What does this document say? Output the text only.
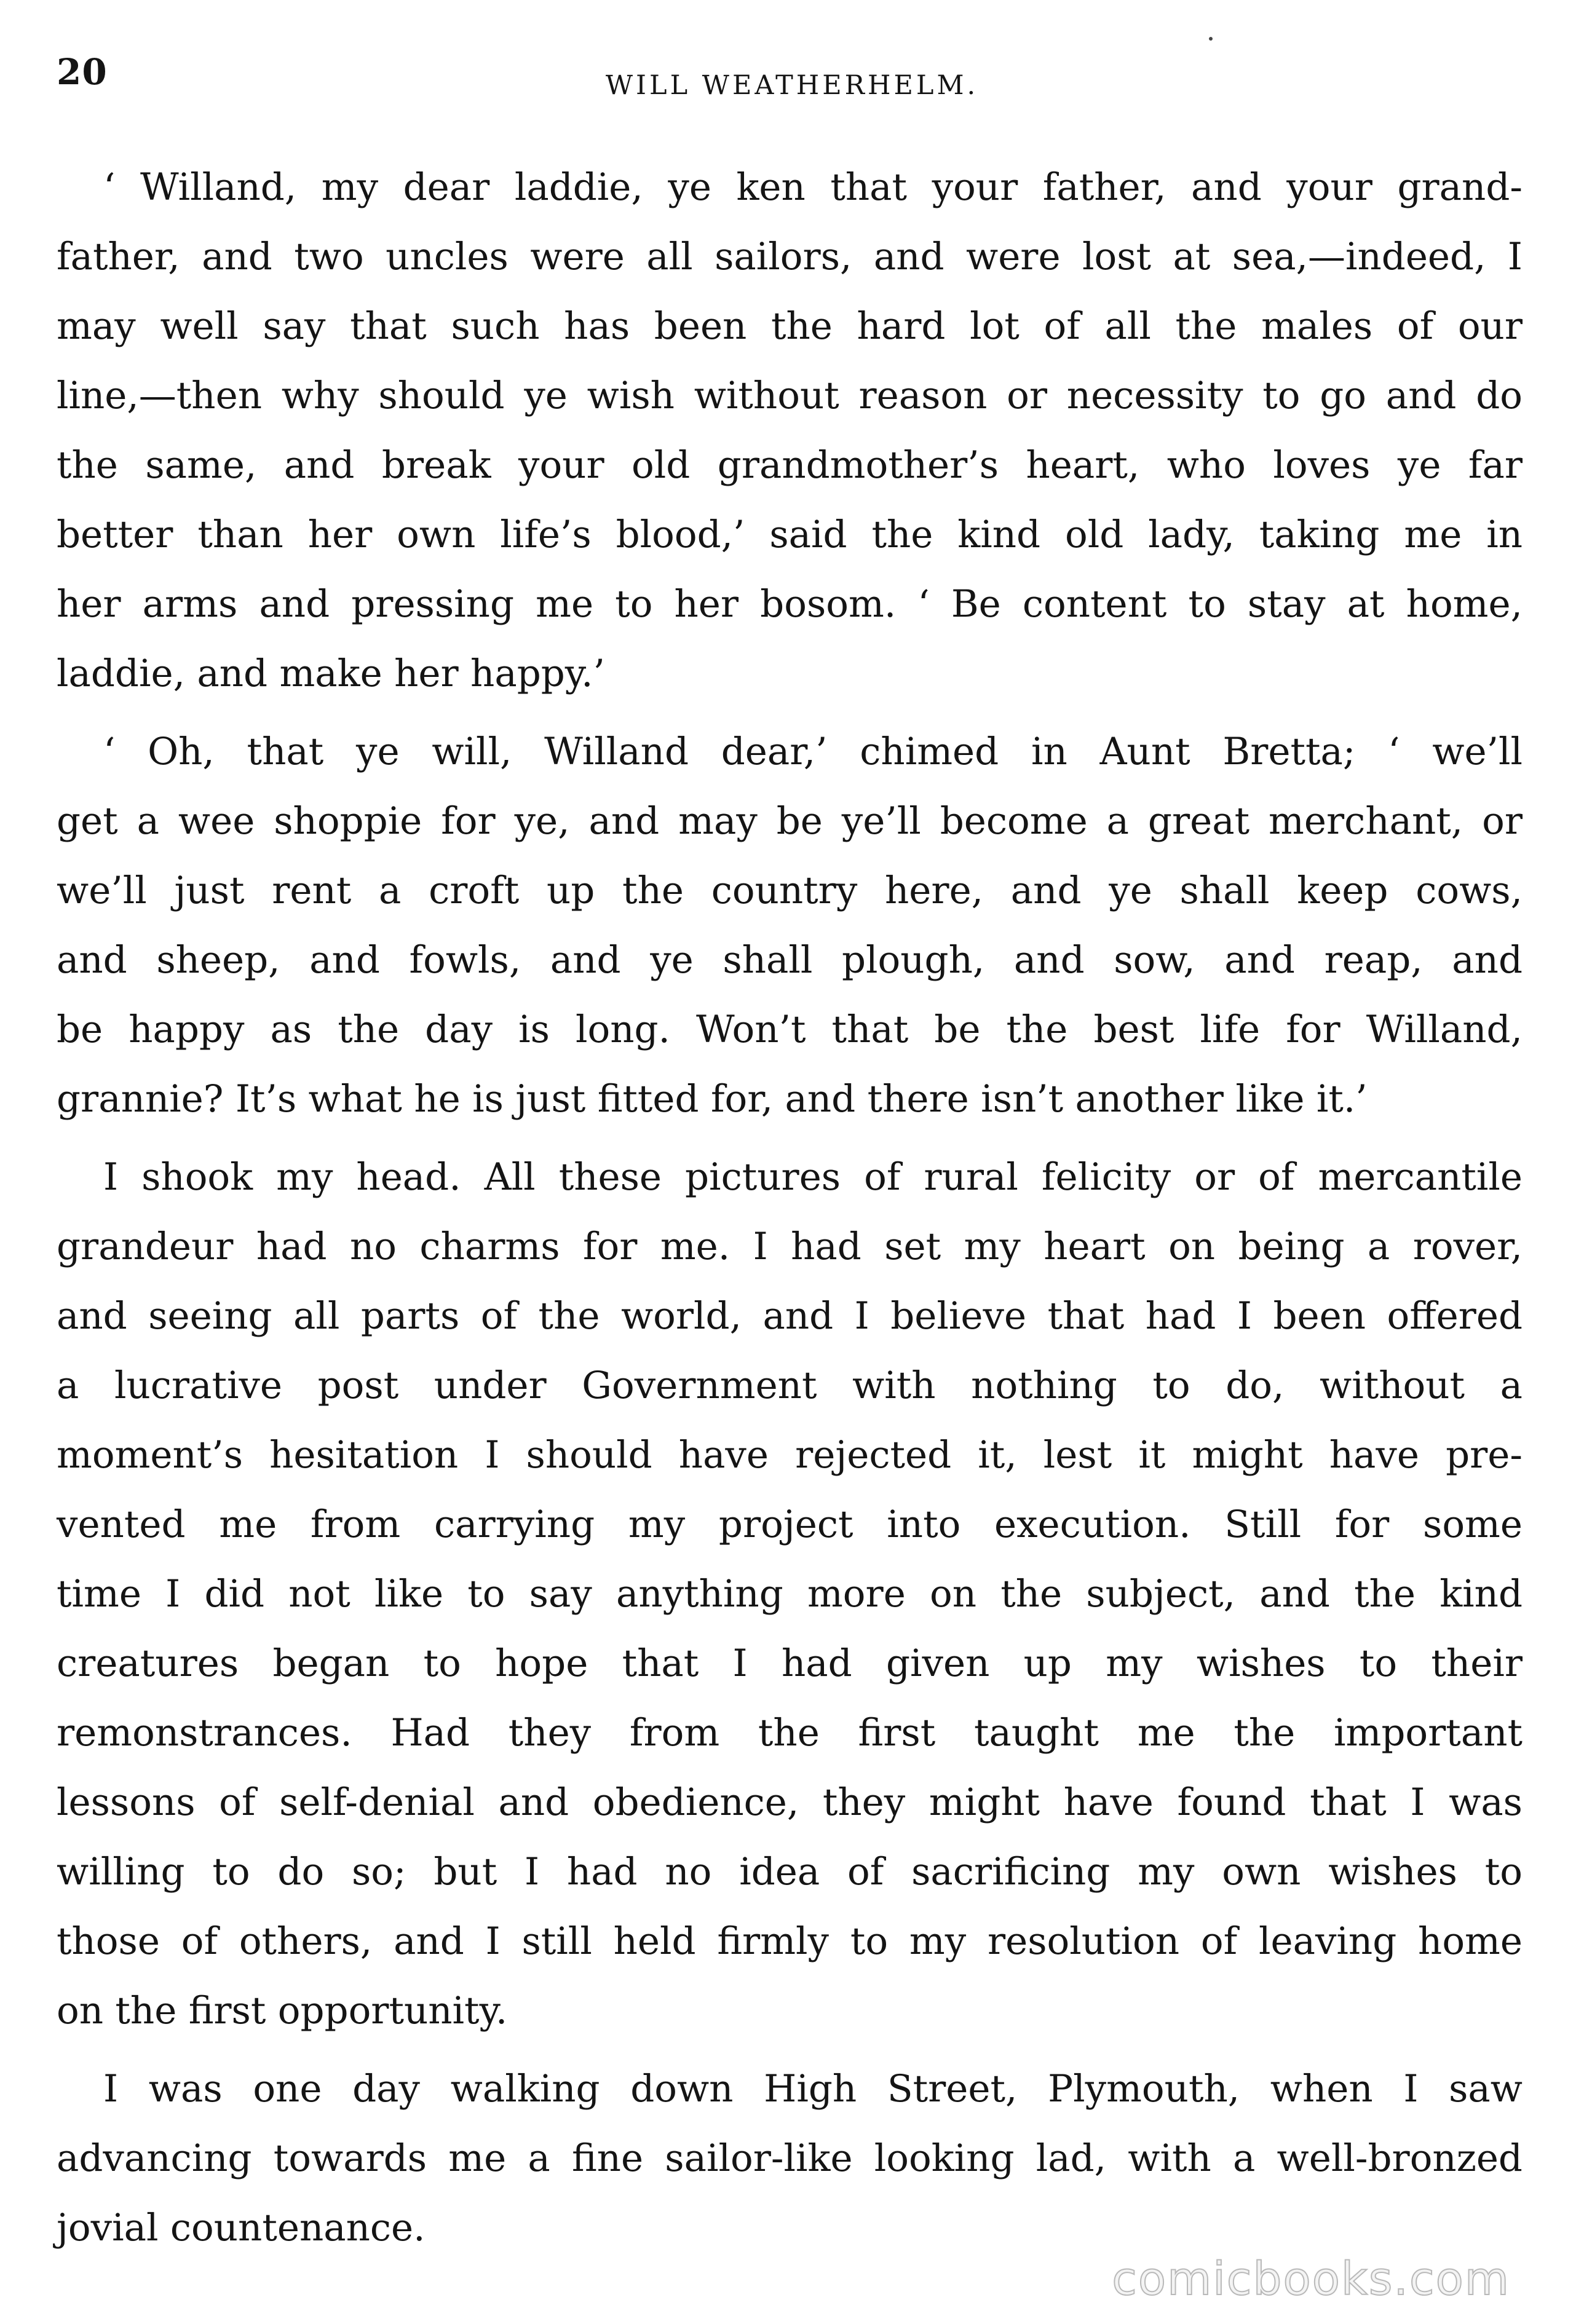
20	WILL WEATHERHELM.
‘ Willand, my dear laddie, ye ken that your father, and your grand-
father, and two uncles were all sailors, and were lost at sea,—indeed, I
may well say that such has been the hard lot of all the males of our
line,—then why should ye wish without reason or necessity to go and do
the same, and break your old grandmother’s heart, who loves ye far
better than her own life’s blood,’ said the kind old lady, taking me in
her arms and pressing me to her bosom. ‘ Be content to stay at home,
laddie, and make her happy.’
‘ Oh, that ye will, Willand dear,’ chimed in Aunt Bretta; ‘ we’ll
get a wee shoppie for ye, and may be ye’ll become a great merchant, or
we’ll just rent a croft up the country here, and ye shall keep cows,
and sheep, and fowls, and ye shall plough, and sow, and reap, and
be happy as the day is long. Won’t that be the best life for Willand,
grannie? It’s what he is just fitted for, and there isn’t another like it.’
I shook my head. All these pictures of rural felicity or of mercantile
grandeur had no charms for me. I had set my heart on being a rover,
and seeing all parts of the world, and I believe that had I been offered
a lucrative post under Government with nothing to do, without a
moment’s hesitation I should have rejected it, lest it might have pre-
vented me from carrying my project into execution. Still for some
time I did not like to say anything more on the subject, and the kind
creatures began to hope that I had given up my wishes to their
remonstrances. Had they from the first taught me the important
lessons of self-denial and obedience, they might have found that I was
willing to do so; but I had no idea of sacrificing my own wishes to
those of others, and I still held firmly to my resolution of leaving home
on the first opportunity.
I was one day walking down High Street, Plymouth, when I saw
advancing towards me a fine sailor-like looking lad, with a well-bronzed
jovial countenance.
comicbooks.com
